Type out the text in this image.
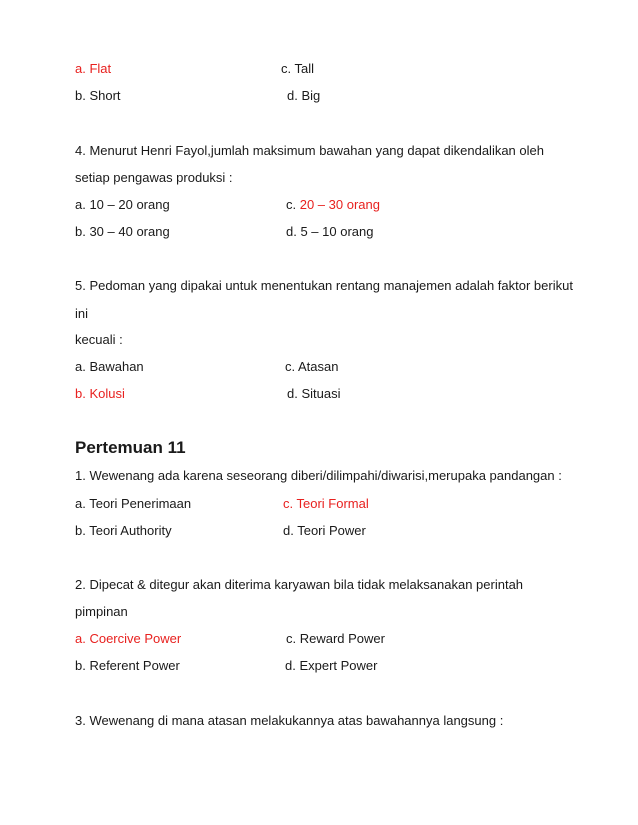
a. Flat	c. Tall
b. Short	d. Big
4. Menurut Henri Fayol,jumlah maksimum bawahan yang dapat dikendalikan oleh
setiap pengawas produksi :
a. 10 – 20 orang	c. 20 – 30 orang
b. 30 – 40 orang	d. 5 – 10 orang
5. Pedoman yang dipakai untuk menentukan rentang manajemen adalah faktor berikut
ini
kecuali :
a. Bawahan	c. Atasan
b. Kolusi	d. Situasi
Pertemuan 11
1. Wewenang ada karena seseorang diberi/dilimpahi/diwarisi,merupaka pandangan :
a. Teori Penerimaan	c. Teori Formal
b. Teori Authority	d. Teori Power
2. Dipecat & ditegur akan diterima karyawan bila tidak melaksanakan perintah
pimpinan
a. Coercive Power	c. Reward Power
b. Referent Power	d. Expert Power
3. Wewenang di mana atasan melakukannya atas bawahannya langsung :
